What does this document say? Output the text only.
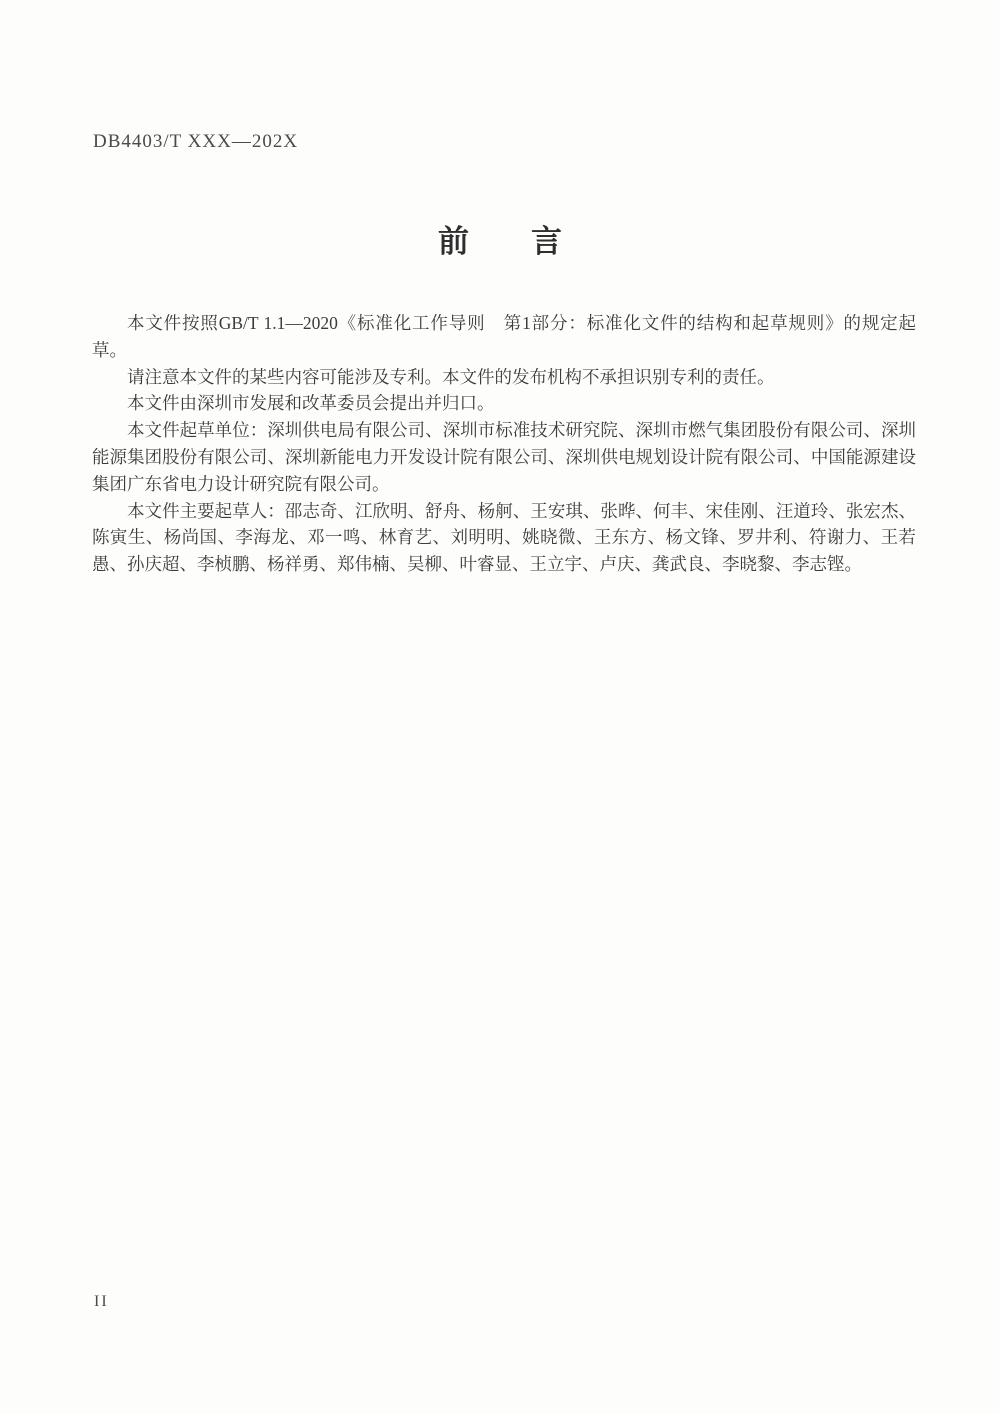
DB4403/T XXX—202X
前　　言

本文件按照GB/T 1.1—2020《标准化工作导则　第1部分：标准化文件的结构和起草规则》的规定起草。

请注意本文件的某些内容可能涉及专利。本文件的发布机构不承担识别专利的责任。

本文件由深圳市发展和改革委员会提出并归口。

本文件起草单位：深圳供电局有限公司、深圳市标准技术研究院、深圳市燃气集团股份有限公司、深圳能源集团股份有限公司、深圳新能电力开发设计院有限公司、深圳供电规划设计院有限公司、中国能源建设集团广东省电力设计研究院有限公司。

本文件主要起草人：邵志奇、江欣明、舒舟、杨舸、王安琪、张晔、何丰、宋佳刚、汪道玲、张宏杰、陈寅生、杨尚国、李海龙、邓一鸣、林育艺、刘明明、姚晓微、王东方、杨文锋、罗井利、符谢力、王若愚、孙庆超、李桢鹏、杨祥勇、郑伟楠、吴柳、叶睿显、王立宇、卢庆、龚武良、李晓黎、李志铿。

II
